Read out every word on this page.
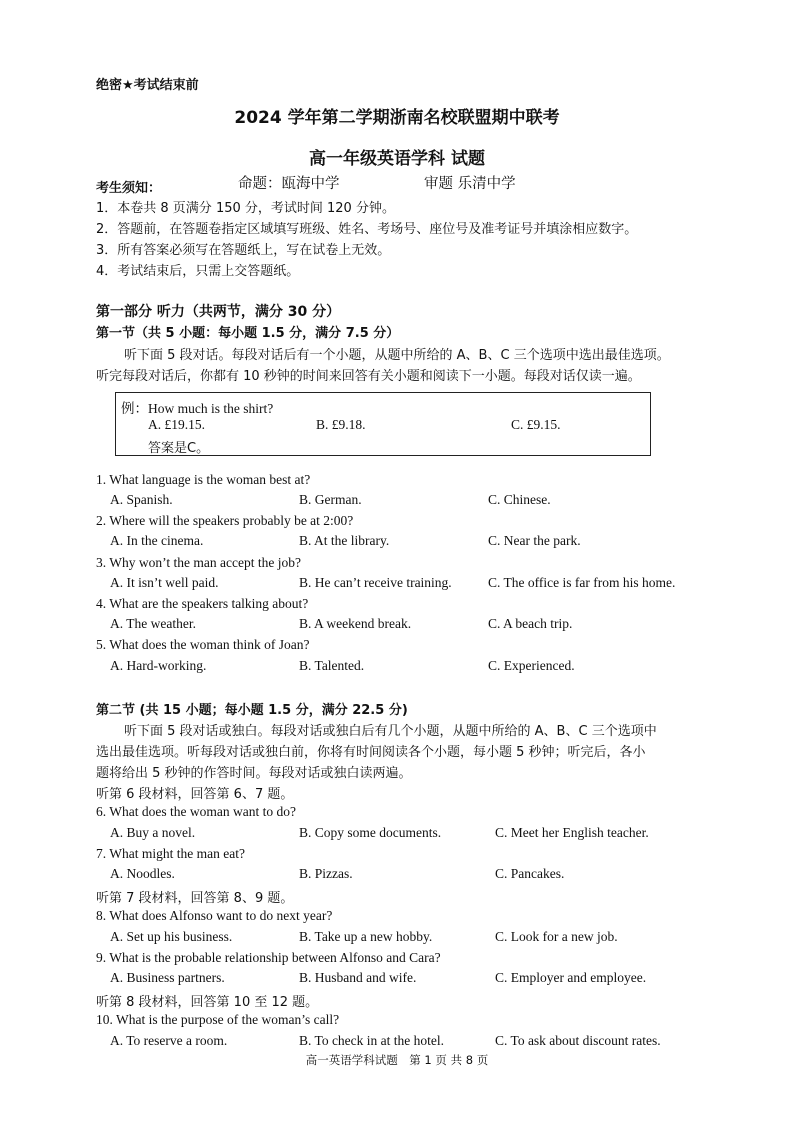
绝密★考试结束前
2024 学年第二学期浙南名校联盟期中联考
高一年级英语学科 试题
考生须知：	命题：瓯海中学	审题 乐清中学
1．本卷共 8 页满分 150 分，考试时间 120 分钟。
2．答题前，在答题卷指定区域填写班级、姓名、考场号、座位号及准考证号并填涂相应数字。
3．所有答案必须写在答题纸上，写在试卷上无效。
4．考试结束后，只需上交答题纸。
第一部分 听力（共两节，满分 30 分）
第一节（共 5 小题：每小题 1.5 分，满分 7.5 分）
听下面 5 段对话。每段对话后有一个小题，从题中所给的 A、B、C 三个选项中选出最佳选项。
听完每段对话后，你都有 10 秒钟的时间来回答有关小题和阅读下一小题。每段对话仅读一遍。
例：How much is the shirt?
A. £19.15.	B. £9.18.	C. £9.15.
答案是C。
1. What language is the woman best at?
A. Spanish.	B. German.	C. Chinese.
2. Where will the speakers probably be at 2:00?
A. In the cinema.	B. At the library.	C. Near the park.
3. Why won’t the man accept the job?
A. It isn’t well paid.	B. He can’t receive training.	C. The office is far from his home.
4. What are the speakers talking about?
A. The weather.	B. A weekend break.	C. A beach trip.
5. What does the woman think of Joan?
A. Hard-working.	B. Talented.	C. Experienced.
第二节 (共 15 小题；每小题 1.5 分，满分 22.5 分)
听下面 5 段对话或独白。每段对话或独白后有几个小题，从题中所给的 A、B、C 三个选项中
选出最佳选项。听每段对话或独白前，你将有时间阅读各个小题，每小题 5 秒钟；听完后，各小
题将给出 5 秒钟的作答时间。每段对话或独白读两遍。
听第 6 段材料，回答第 6、7 题。
6. What does the woman want to do?
A. Buy a novel.	B. Copy some documents.	C. Meet her English teacher.
7. What might the man eat?
A. Noodles.	B. Pizzas.	C. Pancakes.
听第 7 段材料，回答第 8、9 题。
8. What does Alfonso want to do next year?
A. Set up his business.	B. Take up a new hobby.	C. Look for a new job.
9. What is the probable relationship between Alfonso and Cara?
A. Business partners.	B. Husband and wife.	C. Employer and employee.
听第 8 段材料，回答第 10 至 12 题。
10. What is the purpose of the woman’s call?
A. To reserve a room.	B. To check in at the hotel.	C. To ask about discount rates.
高一英语学科试题　第 1 页 共 8 页
